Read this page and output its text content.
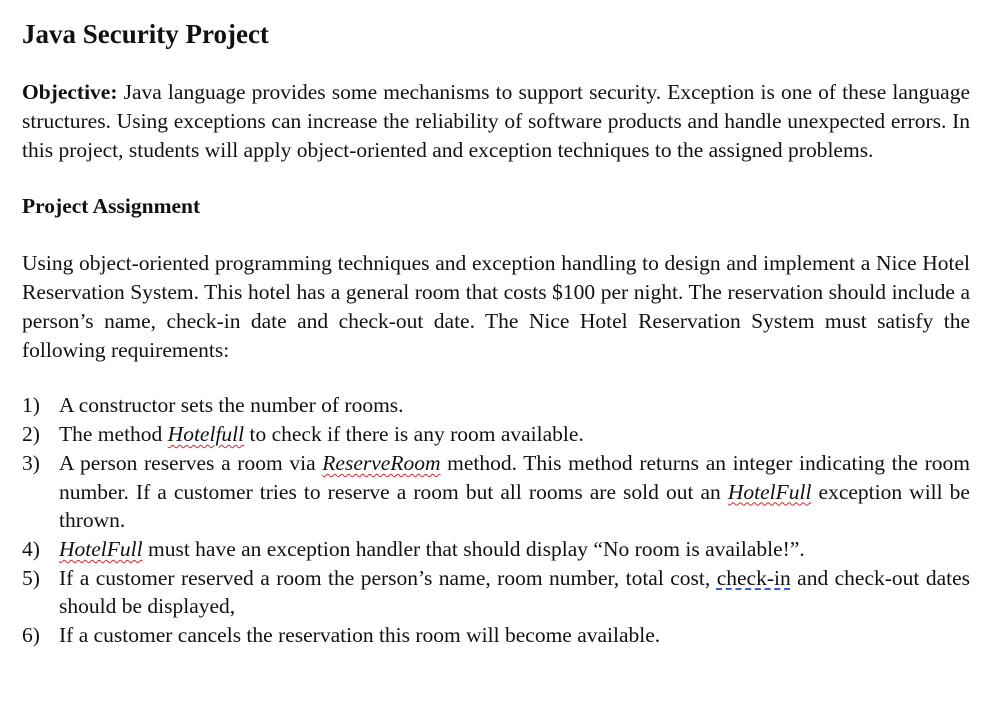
Java Security Project

Objective: Java language provides some mechanisms to support security. Exception is one of these language structures. Using exceptions can increase the reliability of software products and handle unexpected errors. In this project, students will apply object-oriented and exception techniques to the assigned problems.

Project Assignment

Using object-oriented programming techniques and exception handling to design and implement a Nice Hotel Reservation System. This hotel has a general room that costs $100 per night. The reservation should include a person’s name, check-in date and check-out date. The Nice Hotel Reservation System must satisfy the following requirements:

1) A constructor sets the number of rooms.
2) The method Hotelfull to check if there is any room available.
3) A person reserves a room via ReserveRoom method. This method returns an integer indicating the room number. If a customer tries to reserve a room but all rooms are sold out an HotelFull exception will be thrown.
4) HotelFull must have an exception handler that should display “No room is available!”.
5) If a customer reserved a room the person’s name, room number, total cost, check-in and check-out dates should be displayed,
6) If a customer cancels the reservation this room will become available.
